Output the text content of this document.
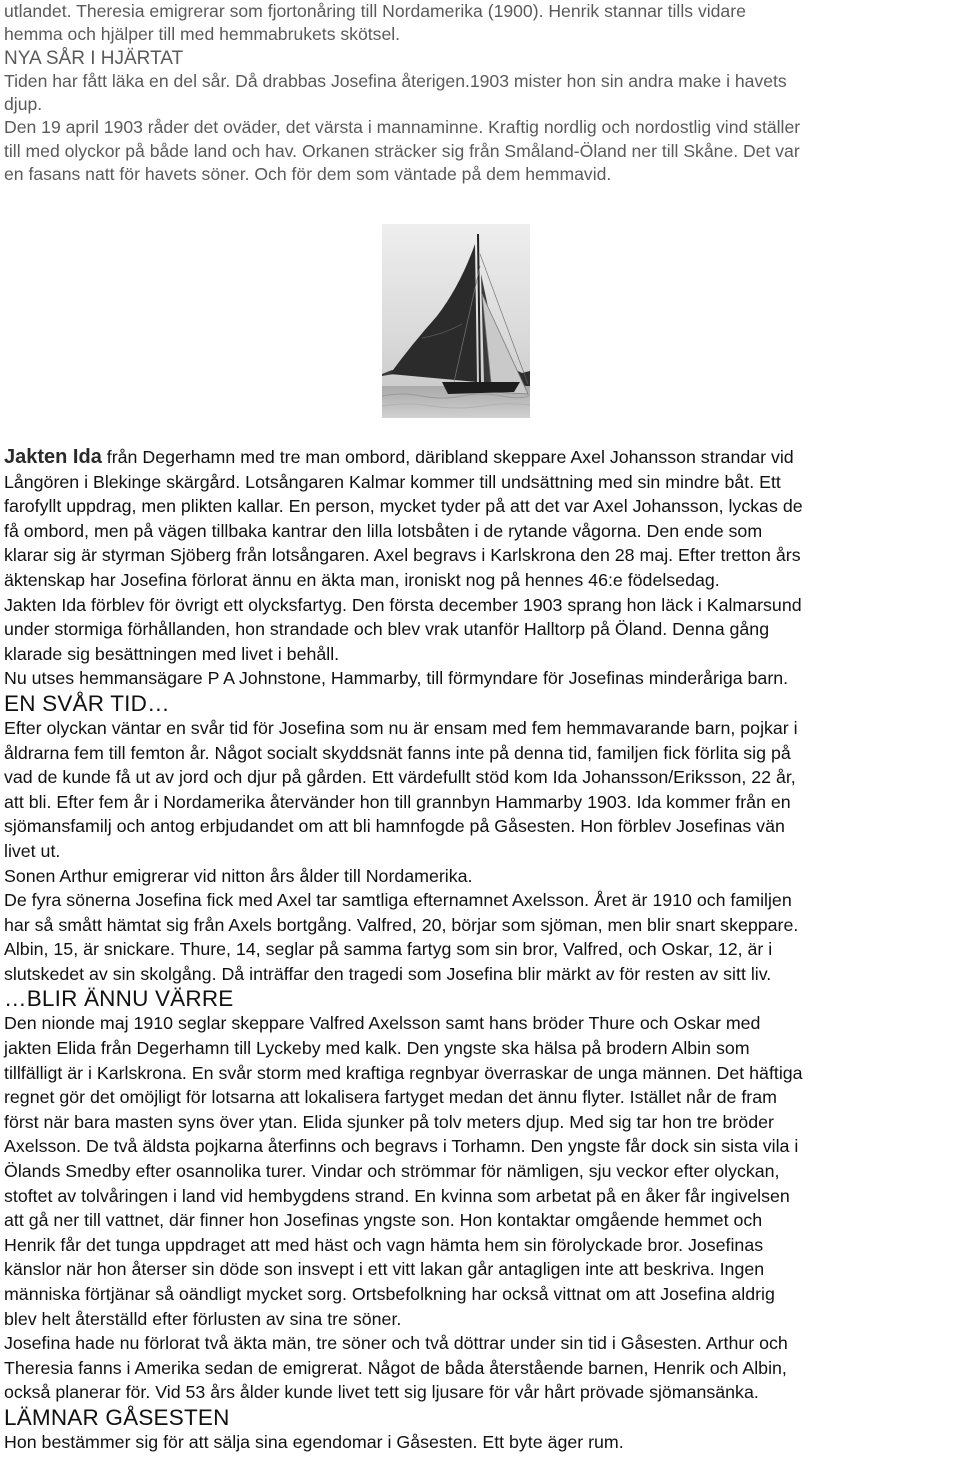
utlandet. Theresia emigrerar som fjortonåring till Nordamerika (1900). Henrik stannar tills vidare

hemma och hjälper till med hemmabrukets skötsel.

NYA SÅR I HJÄRTAT

Tiden har fått läka en del sår. Då drabbas Josefina återigen.1903 mister hon sin andra make i havets

djup.

Den 19 april 1903 råder det oväder, det värsta i mannaminne. Kraftig nordlig och nordostlig vind ställer

till med olyckor på både land och hav. Orkanen sträcker sig från Småland-Öland ner till Skåne. Det var

en fasans natt för havets söner. Och för dem som väntade på dem hemmavid.

Jakten Ida från Degerhamn med tre man ombord, däribland skeppare Axel Johansson strandar vid

Långören i Blekinge skärgård. Lotsångaren Kalmar kommer till undsättning med sin mindre båt. Ett

farofyllt uppdrag, men plikten kallar. En person, mycket tyder på att det var Axel Johansson, lyckas de

få ombord, men på vägen tillbaka kantrar den lilla lotsbåten i de rytande vågorna. Den ende som

klarar sig är styrman Sjöberg från lotsångaren. Axel begravs i Karlskrona den 28 maj. Efter tretton års

äktenskap har Josefina förlorat ännu en äkta man, ironiskt nog på hennes 46:e födelsedag.

Jakten Ida förblev för övrigt ett olycksfartyg. Den första december 1903 sprang hon läck i Kalmarsund

under stormiga förhållanden, hon strandade och blev vrak utanför Halltorp på Öland. Denna gång

klarade sig besättningen med livet i behåll.

Nu utses hemmansägare P A Johnstone, Hammarby, till förmyndare för Josefinas minderåriga barn.

EN SVÅR TID…

Efter olyckan väntar en svår tid för Josefina som nu är ensam med fem hemmavarande barn, pojkar i

åldrarna fem till femton år. Något socialt skyddsnät fanns inte på denna tid, familjen fick förlita sig på

vad de kunde få ut av jord och djur på gården. Ett värdefullt stöd kom Ida Johansson/Eriksson, 22 år,

att bli. Efter fem år i Nordamerika återvänder hon till grannbyn Hammarby 1903. Ida kommer från en

sjömansfamilj och antog erbjudandet om att bli hamnfogde på Gåsesten. Hon förblev Josefinas vän

livet ut.

Sonen Arthur emigrerar vid nitton års ålder till Nordamerika.

De fyra sönerna Josefina fick med Axel tar samtliga efternamnet Axelsson. Året är 1910 och familjen

har så smått hämtat sig från Axels bortgång. Valfred, 20, börjar som sjöman, men blir snart skeppare.

Albin, 15, är snickare. Thure, 14, seglar på samma fartyg som sin bror, Valfred, och Oskar, 12, är i

slutskedet av sin skolgång. Då inträffar den tragedi som Josefina blir märkt av för resten av sitt liv.

…BLIR ÄNNU VÄRRE

Den nionde maj 1910 seglar skeppare Valfred Axelsson samt hans bröder Thure och Oskar med

jakten Elida från Degerhamn till Lyckeby med kalk. Den yngste ska hälsa på brodern Albin som

tillfälligt är i Karlskrona. En svår storm med kraftiga regnbyar överraskar de unga männen. Det häftiga

regnet gör det omöjligt för lotsarna att lokalisera fartyget medan det ännu flyter. Istället når de fram

först när bara masten syns över ytan. Elida sjunker på tolv meters djup. Med sig tar hon tre bröder

Axelsson. De två äldsta pojkarna återfinns och begravs i Torhamn. Den yngste får dock sin sista vila i

Ölands Smedby efter osannolika turer. Vindar och strömmar för nämligen, sju veckor efter olyckan,

stoftet av tolvåringen i land vid hembygdens strand. En kvinna som arbetat på en åker får ingivelsen

att gå ner till vattnet, där finner hon Josefinas yngste son. Hon kontaktar omgående hemmet och

Henrik får det tunga uppdraget att med häst och vagn hämta hem sin förolyckade bror. Josefinas

känslor när hon återser sin döde son insvept i ett vitt lakan går antagligen inte att beskriva. Ingen

människa förtjänar så oändligt mycket sorg. Ortsbefolkning har också vittnat om att Josefina aldrig

blev helt återställd efter förlusten av sina tre söner.

Josefina hade nu förlorat två äkta män, tre söner och två döttrar under sin tid i Gåsesten. Arthur och

Theresia fanns i Amerika sedan de emigrerat. Något de båda återstående barnen, Henrik och Albin,

också planerar för. Vid 53 års ålder kunde livet tett sig ljusare för vår hårt prövade sjömansänka.

LÄMNAR GÅSESTEN

Hon bestämmer sig för att sälja sina egendomar i Gåsesten. Ett byte äger rum.
